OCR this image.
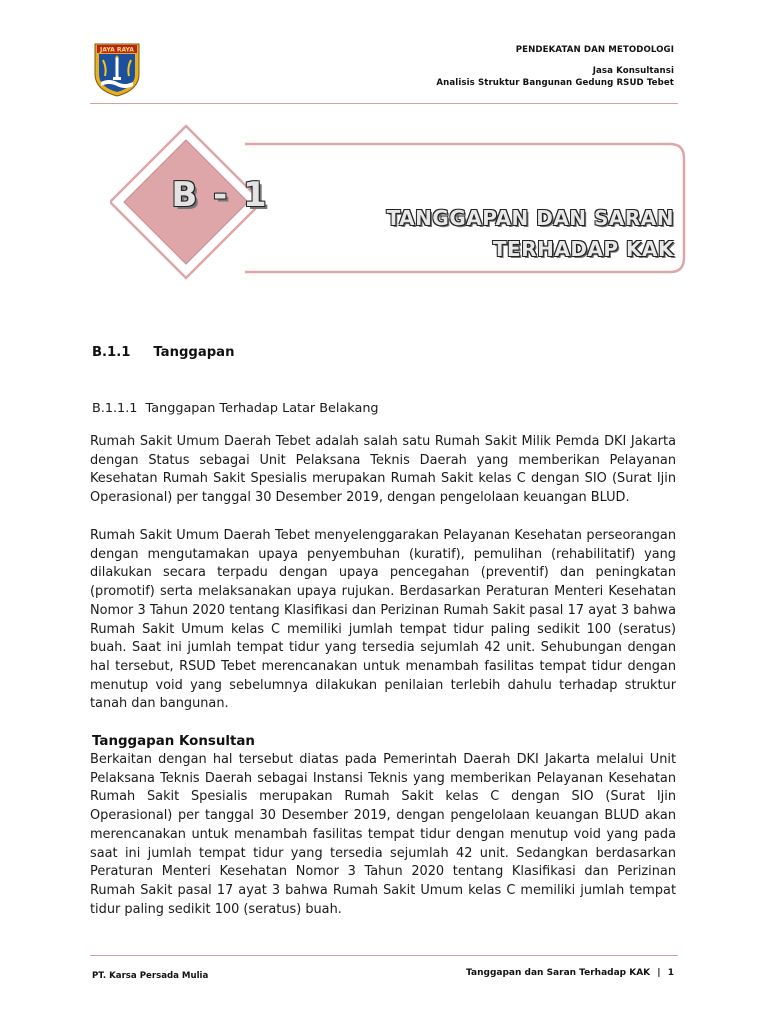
JAYA RAYA	PENDEKATAN DAN METODOLOGI
Jasa Konsultansi
Analisis Struktur Bangunan Gedung RSUD Tebet
B - 1
TANGGAPAN DAN SARAN
TERHADAP KAK
B.1.1     Tanggapan
B.1.1.1  Tanggapan Terhadap Latar Belakang

Rumah Sakit Umum Daerah Tebet adalah salah satu Rumah Sakit Milik Pemda DKI Jakarta dengan Status sebagai Unit Pelaksana Teknis Daerah yang memberikan Pelayanan Kesehatan Rumah Sakit Spesialis merupakan Rumah Sakit kelas C dengan SIO (Surat Ijin Operasional) per tanggal 30 Desember 2019, dengan pengelolaan keuangan BLUD.

Rumah Sakit Umum Daerah Tebet menyelenggarakan Pelayanan Kesehatan perseorangan dengan mengutamakan upaya penyembuhan (kuratif), pemulihan (rehabilitatif) yang dilakukan secara terpadu dengan upaya pencegahan (preventif) dan peningkatan (promotif) serta melaksanakan upaya rujukan. Berdasarkan Peraturan Menteri Kesehatan Nomor 3 Tahun 2020 tentang Klasifikasi dan Perizinan Rumah Sakit pasal 17 ayat 3 bahwa Rumah Sakit Umum kelas C memiliki jumlah tempat tidur paling sedikit 100 (seratus) buah. Saat ini jumlah tempat tidur yang tersedia sejumlah 42 unit. Sehubungan dengan hal tersebut, RSUD Tebet merencanakan untuk menambah fasilitas tempat tidur dengan menutup void yang sebelumnya dilakukan penilaian terlebih dahulu terhadap struktur tanah dan bangunan.

Tanggapan Konsultan

Berkaitan dengan hal tersebut diatas pada Pemerintah Daerah DKI Jakarta melalui Unit Pelaksana Teknis Daerah sebagai Instansi Teknis yang memberikan Pelayanan Kesehatan Rumah Sakit Spesialis merupakan Rumah Sakit kelas C dengan SIO (Surat Ijin Operasional) per tanggal 30 Desember 2019, dengan pengelolaan keuangan BLUD akan merencanakan untuk menambah fasilitas tempat tidur dengan menutup void yang pada saat ini jumlah tempat tidur yang tersedia sejumlah 42 unit. Sedangkan berdasarkan Peraturan Menteri Kesehatan Nomor 3 Tahun 2020 tentang Klasifikasi dan Perizinan Rumah Sakit pasal 17 ayat 3 bahwa Rumah Sakit Umum kelas C memiliki jumlah tempat tidur paling sedikit 100 (seratus) buah.

PT. Karsa Persada Mulia	Tanggapan dan Saran Terhadap KAK | 1
